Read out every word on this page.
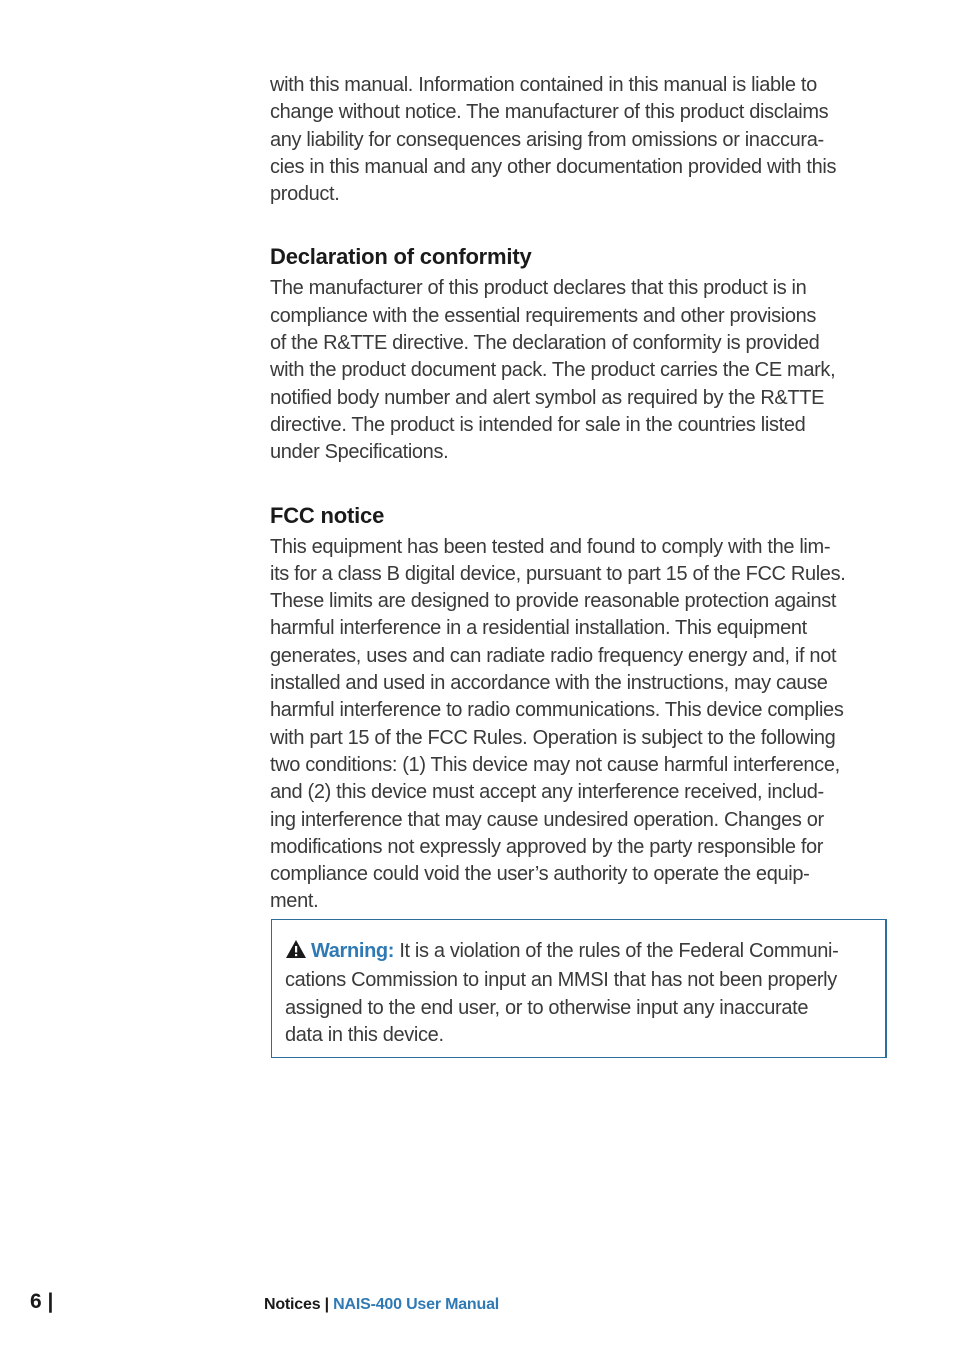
with this manual. Information contained in this manual is liable to
change without notice. The manufacturer of this product disclaims
any liability for consequences arising from omissions or inaccura-
cies in this manual and any other documentation provided with this
product.

Declaration of conformity

The manufacturer of this product declares that this product is in
compliance with the essential requirements and other provisions
of the R&TTE directive. The declaration of conformity is provided
with the product document pack. The product carries the CE mark,
notified body number and alert symbol as required by the R&TTE
directive. The product is intended for sale in the countries listed
under Specifications.

FCC notice

This equipment has been tested and found to comply with the lim-
its for a class B digital device, pursuant to part 15 of the FCC Rules.
These limits are designed to provide reasonable protection against
harmful interference in a residential installation. This equipment
generates, uses and can radiate radio frequency energy and, if not
installed and used in accordance with the instructions, may cause
harmful interference to radio communications. This device complies
with part 15 of the FCC Rules. Operation is subject to the following
two conditions: (1) This device may not cause harmful interference,
and (2) this device must accept any interference received, includ-
ing interference that may cause undesired operation. Changes or
modifications not expressly approved by the party responsible for
compliance could void the user’s authority to operate the equip-
ment.

Warning: It is a violation of the rules of the Federal Communi-
cations Commission to input an MMSI that has not been properly
assigned to the end user, or to otherwise input any inaccurate
data in this device.

6 |	Notices | NAIS-400 User Manual
